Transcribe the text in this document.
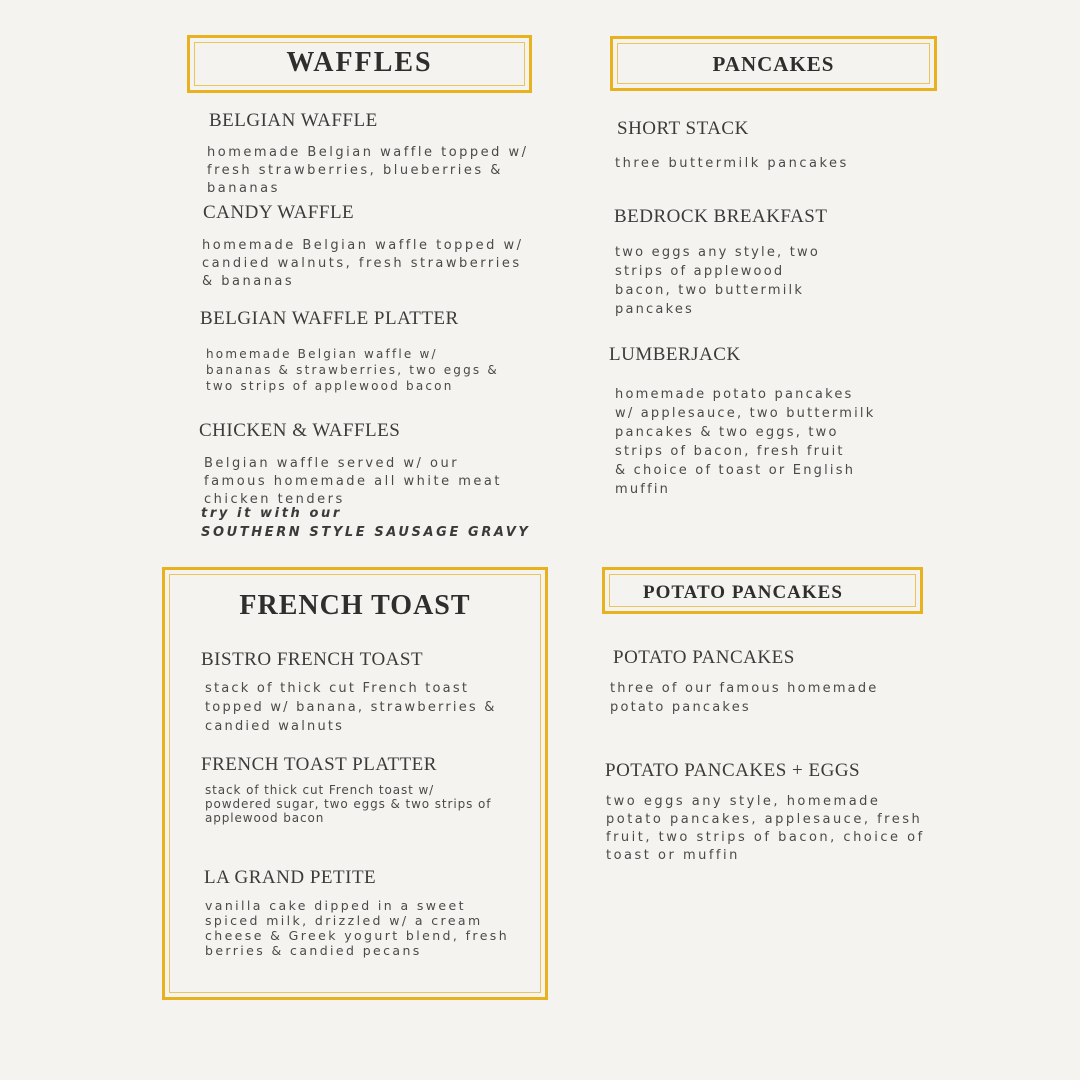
WAFFLES
BELGIAN WAFFLE

homemade Belgian waffle topped w/
fresh strawberries, blueberries &
bananas

CANDY WAFFLE

homemade Belgian waffle topped w/
candied walnuts, fresh strawberries
& bananas

BELGIAN WAFFLE PLATTER

homemade Belgian waffle w/
bananas & strawberries, two eggs &
two strips of applewood bacon

CHICKEN & WAFFLES

Belgian waffle served w/ our
famous homemade all white meat
chicken tenders

try it with our
SOUTHERN STYLE SAUSAGE GRAVY

PANCAKES
SHORT STACK

three buttermilk pancakes

BEDROCK BREAKFAST

two eggs any style, two
strips of applewood
bacon, two buttermilk
pancakes

LUMBERJACK

homemade potato pancakes
w/ applesauce, two buttermilk
pancakes & two eggs, two
strips of bacon, fresh fruit
& choice of toast or English
muffin

FRENCH TOAST
BISTRO FRENCH TOAST

stack of thick cut French toast
topped w/ banana, strawberries &
candied walnuts

FRENCH TOAST PLATTER

stack of thick cut French toast w/
powdered sugar, two eggs & two strips of
applewood bacon

LA GRAND PETITE

vanilla cake dipped in a sweet
spiced milk, drizzled w/ a cream
cheese & Greek yogurt blend, fresh
berries & candied pecans

POTATO PANCAKES
POTATO PANCAKES

three of our famous homemade
potato pancakes

POTATO PANCAKES + EGGS

two eggs any style, homemade
potato pancakes, applesauce, fresh
fruit, two strips of bacon, choice of
toast or muffin
